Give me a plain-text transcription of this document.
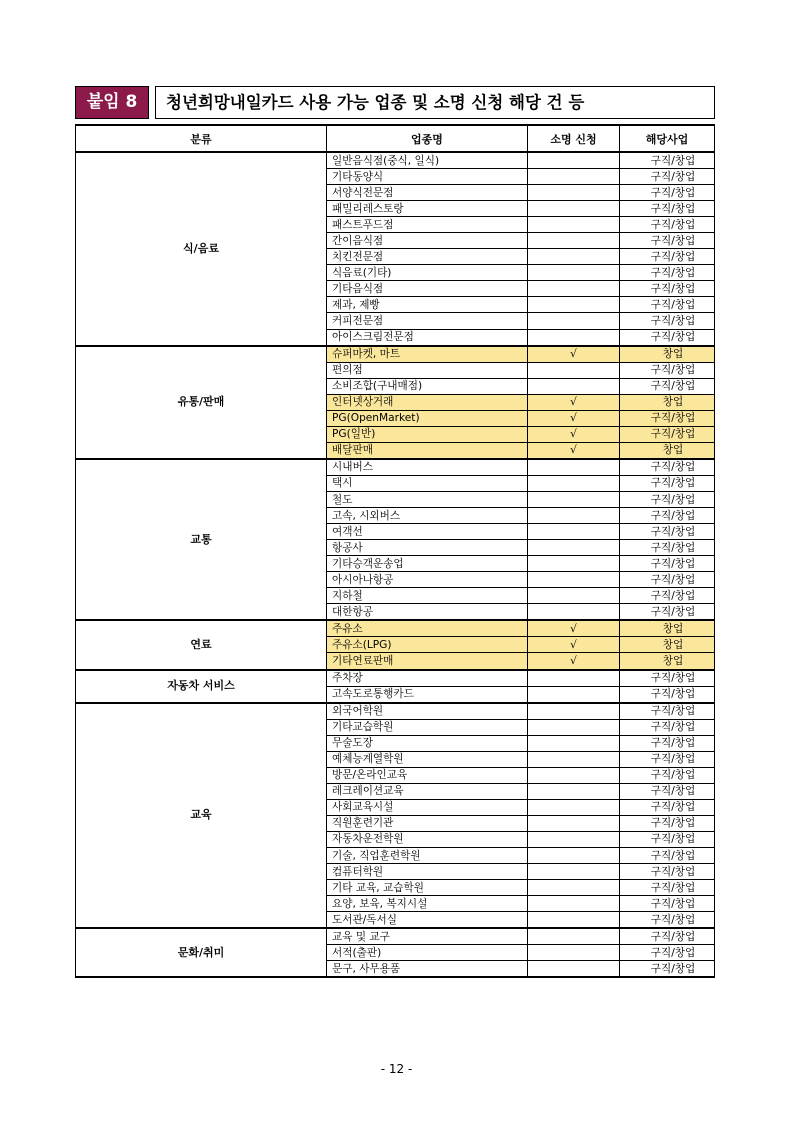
붙임 8	청년희망내일카드 사용 가능 업종 및 소명 신청 해당 건 등
분류	업종명	소명 신청	해당사업
식/음료	일반음식점(중식, 일식)		구직/창업
	기타동양식		구직/창업
	서양식전문점		구직/창업
	패밀리레스토랑		구직/창업
	패스트푸드점		구직/창업
	간이음식점		구직/창업
	치킨전문점		구직/창업
	식음료(기타)		구직/창업
	기타음식점		구직/창업
	제과, 제빵		구직/창업
	커피전문점		구직/창업
	아이스크림전문점		구직/창업
유통/판매	슈퍼마켓, 마트	√	창업
	편의점		구직/창업
	소비조합(구내매점)		구직/창업
	인터넷상거래	√	창업
	PG(OpenMarket)	√	구직/창업
	PG(일반)	√	구직/창업
	배달판매	√	창업
교통	시내버스		구직/창업
	택시		구직/창업
	철도		구직/창업
	고속, 시외버스		구직/창업
	여객선		구직/창업
	항공사		구직/창업
	기타승객운송업		구직/창업
	아시아나항공		구직/창업
	지하철		구직/창업
	대한항공		구직/창업
연료	주유소	√	창업
	주유소(LPG)	√	창업
	기타연료판매	√	창업
자동차 서비스	주차장		구직/창업
	고속도로통행카드		구직/창업
교육	외국어학원		구직/창업
	기타교습학원		구직/창업
	무술도장		구직/창업
	예체능계열학원		구직/창업
	방문/온라인교육		구직/창업
	레크레이션교육		구직/창업
	사회교육시설		구직/창업
	직원훈련기관		구직/창업
	자동차운전학원		구직/창업
	기술, 직업훈련학원		구직/창업
	컴퓨터학원		구직/창업
	기타 교육, 교습학원		구직/창업
	요양, 보육, 복지시설		구직/창업
	도서관/독서실		구직/창업
문화/취미	교육 및 교구		구직/창업
	서적(출판)		구직/창업
	문구, 사무용품		구직/창업
- 12 -
